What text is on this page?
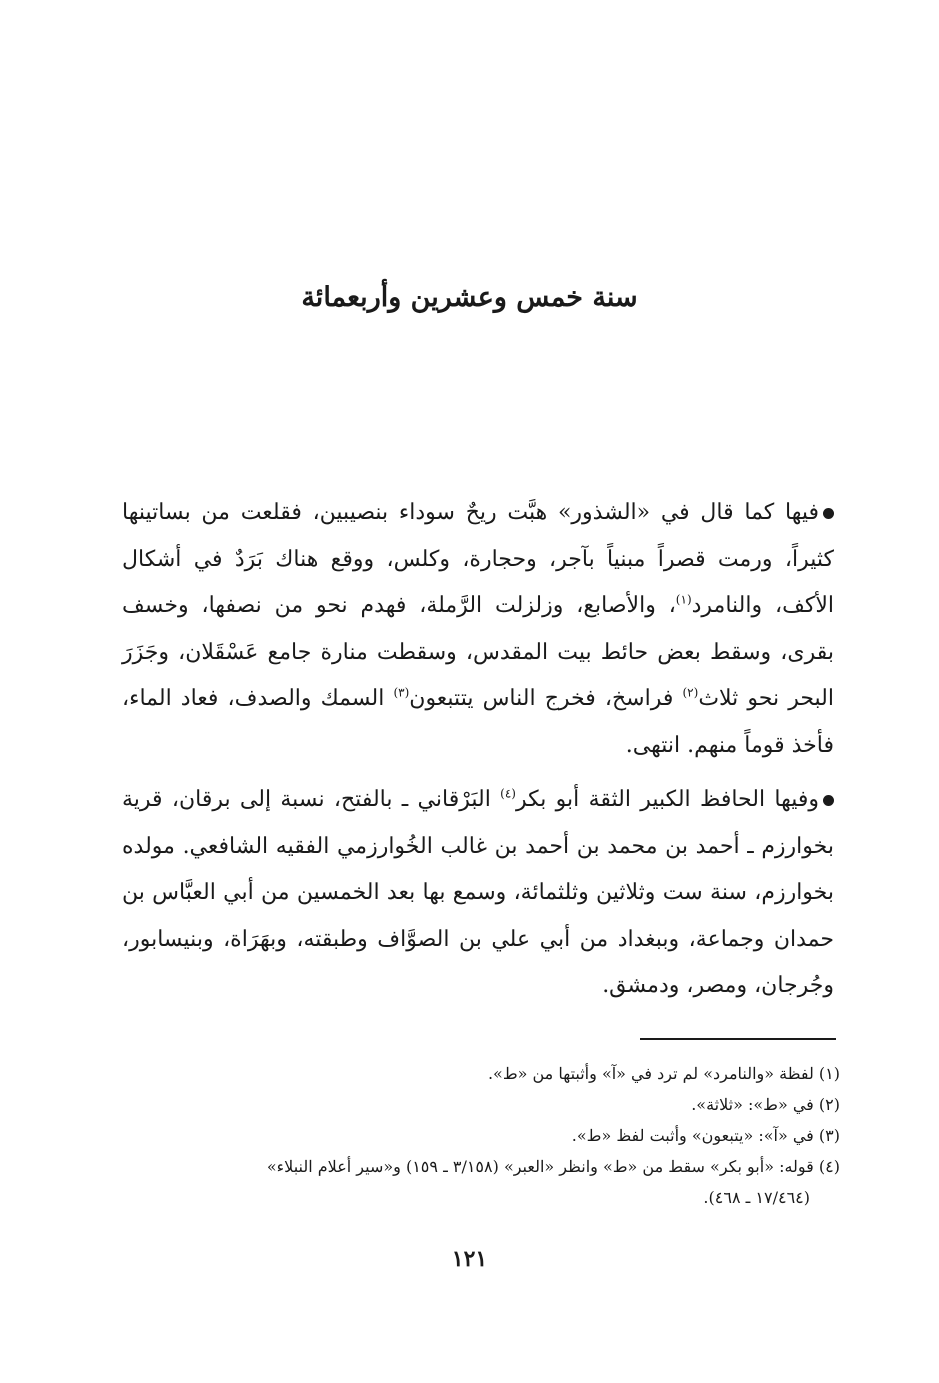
سنة خمس وعشرين وأربعمائة

فيها كما قال في «الشذور» هبَّت ريحٌ سوداء بنصيبين، فقلعت من بساتينها كثيراً، ورمت قصراً مبنياً بآجر، وحجارة، وكلس، ووقع هناك بَرَدٌ في أشكال الأكف، والنامرد$^{(١)}$، والأصابع، وزلزلت الرَّملة، فهدم نحو من نصفها، وخسف بقرى، وسقط بعض حائط بيت المقدس، وسقطت منارة جامع عَسْقَلان، وجَزَرَ البحر نحو ثلاث$^{(٢)}$ فراسخ، فخرج الناس يتتبعون$^{(٣)}$ السمك والصدف، فعاد الماء، فأخذ قوماً منهم. انتهى.

وفيها الحافظ الكبير الثقة أبو بكر$^{(٤)}$ البَرْقاني ـ بالفتح، نسبة إلى برقان، قرية بخوارزم ـ أحمد بن محمد بن أحمد بن غالب الخُوارزمي الفقيه الشافعي. مولده بخوارزم، سنة ست وثلاثين وثلثمائة، وسمع بها بعد الخمسين من أبي العبَّاس بن حمدان وجماعة، وببغداد من أبي علي بن الصوَّاف وطبقته، وبهَرَاة، وبنيسابور، وجُرجان، ومصر، ودمشق.

(١) لفظة «والنامرد» لم ترد في «آ» وأثبتها من «ط».

(٢) في «ط»: «ثلاثة».

(٣) في «آ»: «يتبعون» وأثبت لفظ «ط».

(٤) قوله: «أبو بكر» سقط من «ط» وانظر «العبر» (٣/١٥٨ ـ ١٥٩) و«سير أعلام النبلاء»

(١٧/٤٦٤ ـ ٤٦٨).

١٢١
